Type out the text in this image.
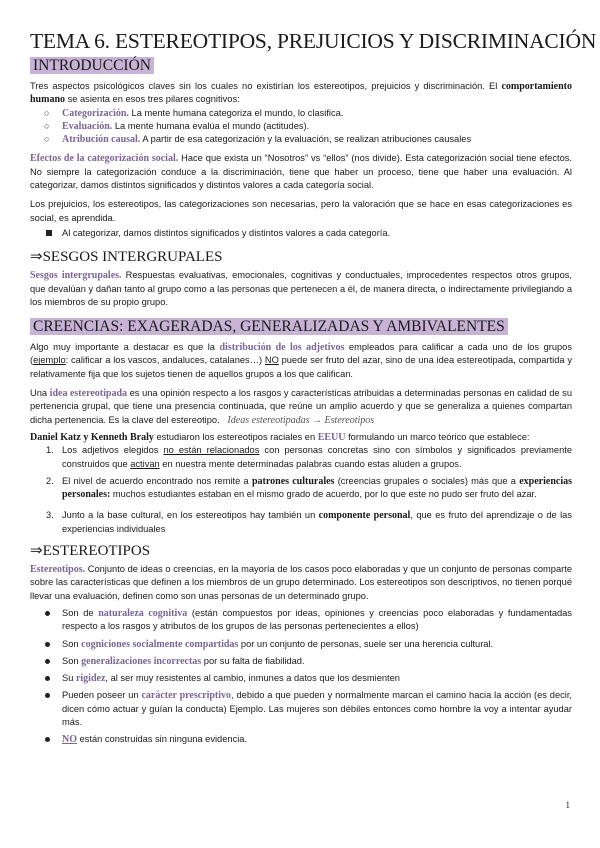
TEMA 6. ESTEREOTIPOS, PREJUICIOS Y DISCRIMINACIÓN
INTRODUCCIÓN

Tres aspectos psicológicos claves sin los cuales no existirían los estereotipos, prejuicios y discriminación. El comportamiento humano se asienta en esos tres pilares cognitivos:

○ Categorización. La mente humana categoriza el mundo, lo clasifica.
○ Evaluación. La mente humana evalúa el mundo (actitudes).
○ Atribución causal. A partir de esa categorización y la evaluación, se realizan atribuciones causales

Efectos de la categorización social. Hace que exista un “Nosotros” vs “ellos” (nos divide). Esta categorización social tiene efectos. No siempre la categorización conduce a la discriminación, tiene que haber un proceso, tiene que haber una evaluación. Al categorizar, damos distintos significados y distintos valores a cada categoría social.

Los prejuicios, los estereotipos, las categorizaciones son necesarias, pero la valoración que se hace en esas categorizaciones es social, es aprendida.

Al categorizar, damos distintos significados y distintos valores a cada categoría.
⇒SESGOS INTERGRUPALES

Sesgos intergrupales. Respuestas evaluativas, emocionales, cognitivas y conductuales, improcedentes respectos otros grupos, que devalúan y dañan tanto al grupo como a las personas que pertenecen a él, de manera directa, o indirectamente privilegiando a los miembros de su propio grupo.

CREENCIAS: EXAGERADAS, GENERALIZADAS Y AMBIVALENTES

Algo muy importante a destacar es que la distribución de los adjetivos empleados para calificar a cada uno de los grupos (ejemplo: calificar a los vascos, andaluces, catalanes…) NO puede ser fruto del azar, sino de una idea estereotipada, compartida y relativamente fija que los sujetos tienen de aquellos grupos a los que califican.

Una idea estereotipada es una opinión respecto a los rasgos y características atribuidas a determinadas personas en calidad de su pertenencia grupal, que tiene una presencia continuada, que reúne un amplio acuerdo y que se generaliza a quienes compartan dicha pertenencia. Es la clave del estereotipo. Ideas estereotipadas → Estereotipos

Daniel Katz y Kenneth Braly estudiaron los estereotipos raciales en EEUU formulando un marco teórico que establece:

1. Los adjetivos elegidos no están relacionados con personas concretas sino con símbolos y significados previamente construidos que activan en nuestra mente determinadas palabras cuando estas aluden a grupos.
2. El nivel de acuerdo encontrado nos remite a patrones culturales (creencias grupales o sociales) más que a experiencias personales: muchos estudiantes estaban en el mismo grado de acuerdo, por lo que este no pudo ser fruto del azar.
3. Junto a la base cultural, en los estereotipos hay también un componente personal, que es fruto del aprendizaje o de las experiencias individuales
⇒ESTEREOTIPOS

Estereotipos. Conjunto de ideas o creencias, en la mayoría de los casos poco elaboradas y que un conjunto de personas comparte sobre las características que definen a los miembros de un grupo determinado. Los estereotipos son descriptivos, no tienen porqué llevar una evaluación, definen como son unas personas de un determinado grupo.

Son de naturaleza cognitiva (están compuestos por ideas, opiniones y creencias poco elaboradas y fundamentadas respecto a los rasgos y atributos de los grupos de las personas pertenecientes a ellos)
Son cogniciones socialmente compartidas por un conjunto de personas, suele ser una herencia cultural.
Son generalizaciones incorrectas por su falta de fiabilidad.
Su rigidez, al ser muy resistentes al cambio, inmunes a datos que los desmienten
Pueden poseer un carácter prescriptivo, debido a que pueden y normalmente marcan el camino hacia la acción (es decir, dicen cómo actuar y guían la conducta) Ejemplo. Las mujeres son débiles entonces como hombre la voy a intentar ayudar más.
NO están construidas sin ninguna evidencia.
1
